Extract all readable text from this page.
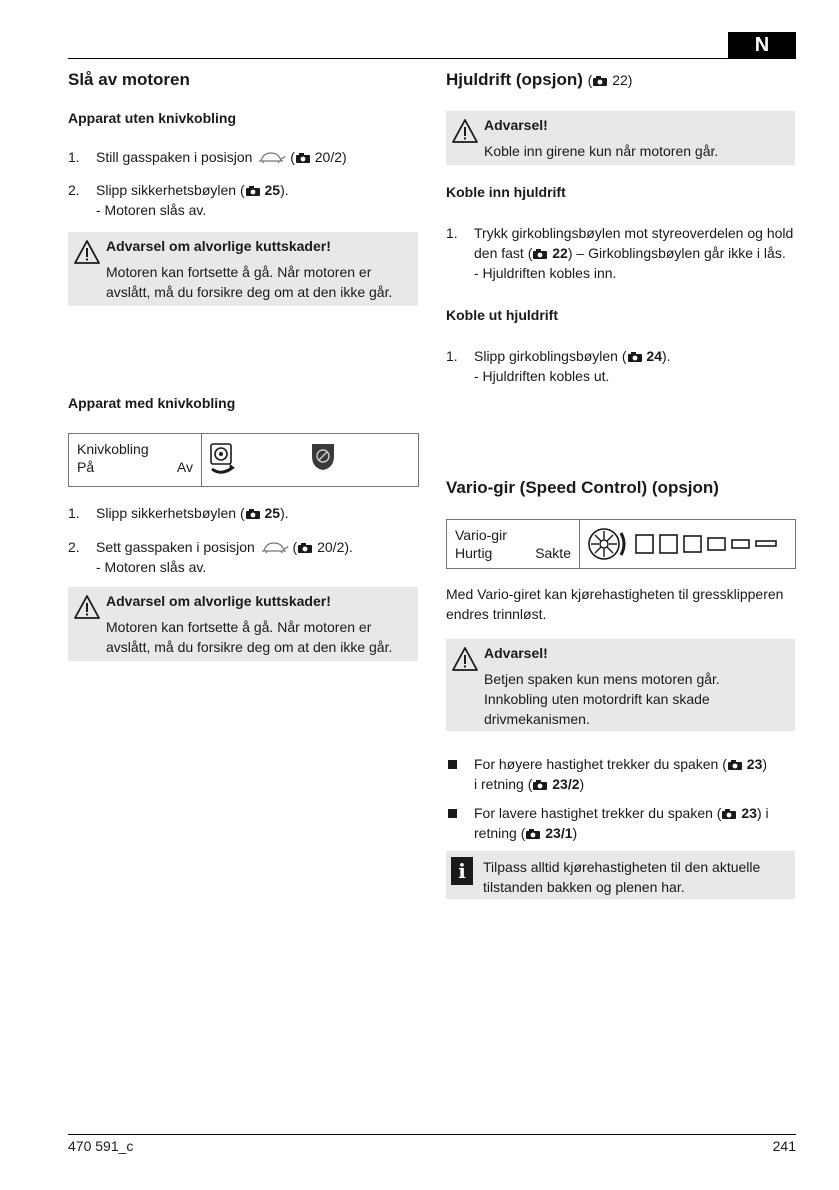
N
470 591_c	241
Slå av motoren
Apparat uten knivkobling
1. Still gasspaken i posisjon  ( 20/2)
2. Slipp sikkerhetsbøylen ( 25).
- Motoren slås av.
Advarsel om alvorlige kuttskader!
Motoren kan fortsette å gå. Når motoren er
avslått, må du forsikre deg om at den ikke går.
Apparat med knivkobling
Knivkobling
På	Av
1. Slipp sikkerhetsbøylen ( 25).
2. Sett gasspaken i posisjon  ( 20/2).
- Motoren slås av.
Advarsel om alvorlige kuttskader!
Motoren kan fortsette å gå. Når motoren er
avslått, må du forsikre deg om at den ikke går.
Hjuldrift (opsjon) ( 22)
Advarsel!
Koble inn girene kun når motoren går.
Koble inn hjuldrift
1. Trykk girkoblingsbøylen mot styreoverdelen og hold
den fast ( 22) – Girkoblingsbøylen går ikke i lås.
- Hjuldriften kobles inn.
Koble ut hjuldrift
1. Slipp girkoblingsbøylen ( 24).
- Hjuldriften kobles ut.
Vario-gir (Speed Control) (opsjon)
Vario-gir
Hurtig	Sakte
Med Vario-giret kan kjørehastigheten til gressklipperen
endres trinnløst.
Advarsel!
Betjen spaken kun mens motoren går.
Innkobling uten motordrift kan skade
drivmekanismen.
For høyere hastighet trekker du spaken ( 23)
i retning ( 23/2)
For lavere hastighet trekker du spaken ( 23) i
retning ( 23/1)
i	Tilpass alltid kjørehastigheten til den aktuelle
tilstanden bakken og plenen har.
